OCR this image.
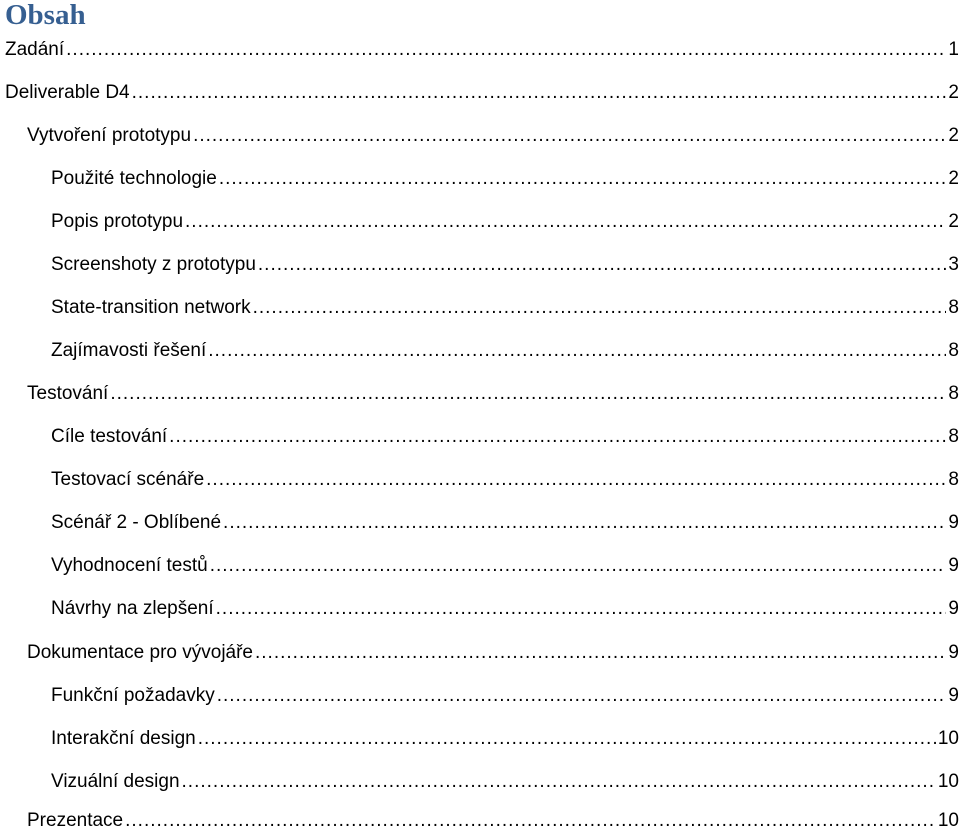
Obsah
Zadání .....	1
Deliverable D4 .....	2
Vytvoření prototypu .....	2
Použité technologie .....	2
Popis prototypu .....	2
Screenshoty z prototypu .....	3
State-transition network .....	8
Zajímavosti řešení .....	8
Testování .....	8
Cíle testování .....	8
Testovací scénáře .....	8
Scénář 2 - Oblíbené .....	9
Vyhodnocení testů .....	9
Návrhy na zlepšení .....	9
Dokumentace pro vývojáře .....	9
Funkční požadavky .....	9
Interakční design .....	10
Vizuální design .....	10
Prezentace .....	10
